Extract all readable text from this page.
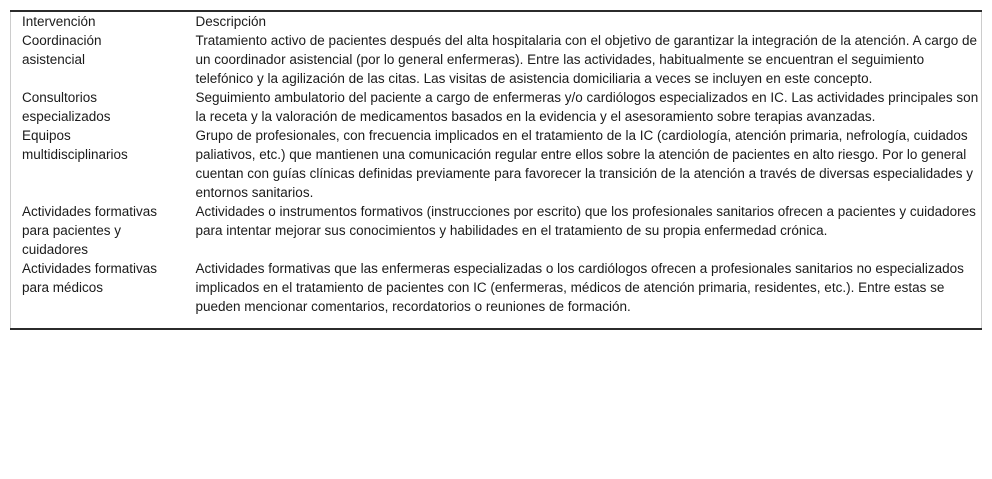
Intervención	Descripción
Coordinación asistencial	Tratamiento activo de pacientes después del alta hospitalaria con el objetivo de garantizar la integración de la atención. A cargo de un coordinador asistencial (por lo general enfermeras). Entre las actividades, habitualmente se encuentran el seguimiento telefónico y la agilización de las citas. Las visitas de asistencia domiciliaria a veces se incluyen en este concepto.
Consultorios especializados	Seguimiento ambulatorio del paciente a cargo de enfermeras y/o cardiólogos especializados en IC. Las actividades principales son la receta y la valoración de medicamentos basados en la evidencia y el asesoramiento sobre terapias avanzadas.
Equipos multidisciplinarios	Grupo de profesionales, con frecuencia implicados en el tratamiento de la IC (cardiología, atención primaria, nefrología, cuidados paliativos, etc.) que mantienen una comunicación regular entre ellos sobre la atención de pacientes en alto riesgo. Por lo general cuentan con guías clínicas definidas previamente para favorecer la transición de la atención a través de diversas especialidades y entornos sanitarios.
Actividades formativas para pacientes y cuidadores	Actividades o instrumentos formativos (instrucciones por escrito) que los profesionales sanitarios ofrecen a pacientes y cuidadores para intentar mejorar sus conocimientos y habilidades en el tratamiento de su propia enfermedad crónica.
Actividades formativas para médicos	Actividades formativas que las enfermeras especializadas o los cardiólogos ofrecen a profesionales sanitarios no especializados implicados en el tratamiento de pacientes con IC (enfermeras, médicos de atención primaria, residentes, etc.). Entre estas se pueden mencionar comentarios, recordatorios o reuniones de formación.
